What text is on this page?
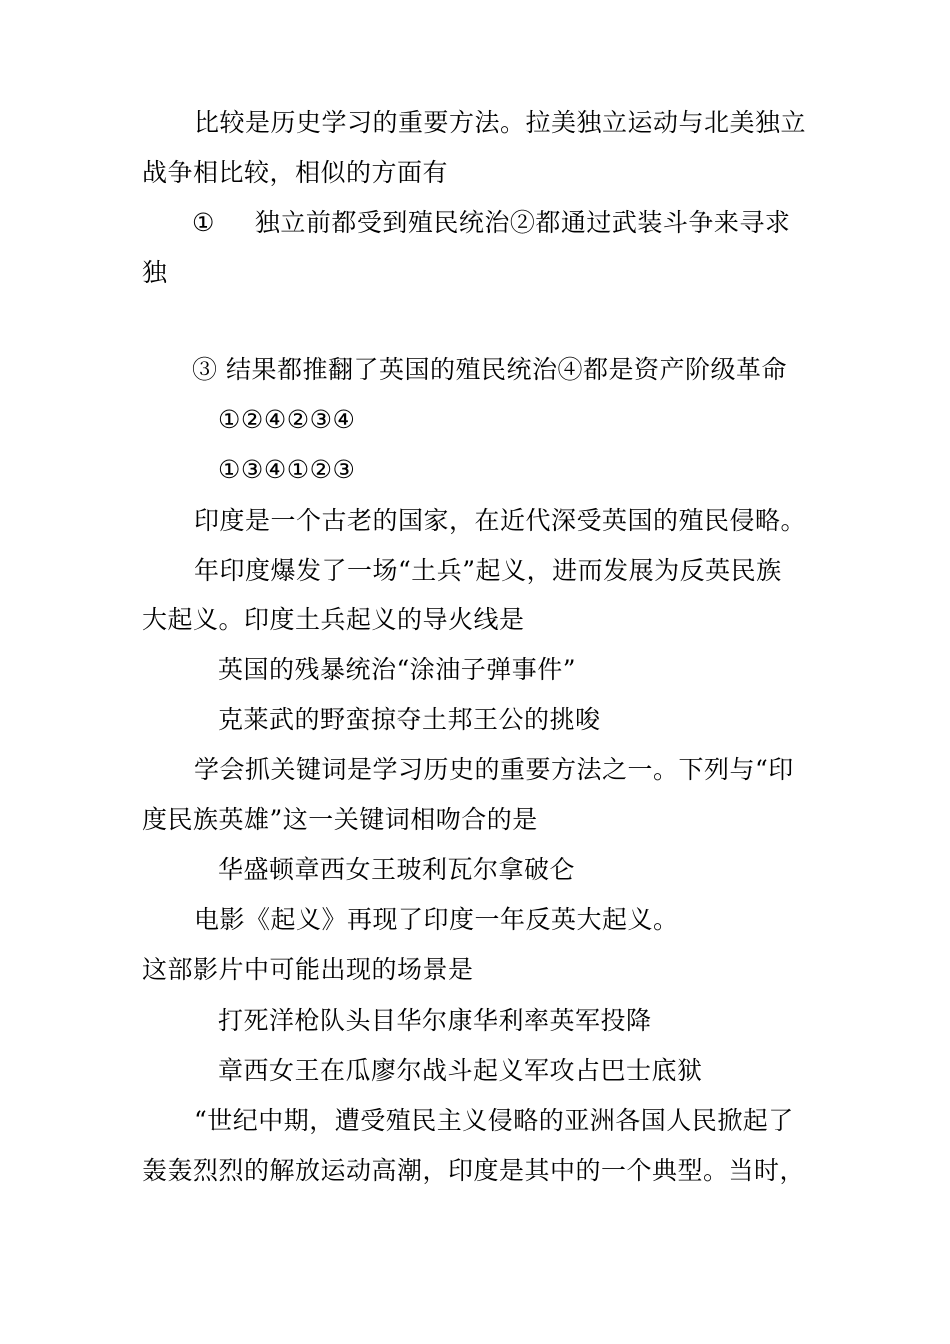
比较是历史学习的重要方法。拉美独立运动与北美独立
战争相比较，相似的方面有
① 独立前都受到殖民统治②都通过武装斗争来寻求
独
③ 结果都推翻了英国的殖民统治④都是资产阶级革命
①②④②③④
①③④①②③
印度是一个古老的国家，在近代深受英国的殖民侵略。
年印度爆发了一场“土兵”起义，进而发展为反英民族
大起义。印度土兵起义的导火线是
英国的残暴统治“涂油子弹事件”
克莱武的野蛮掠夺土邦王公的挑唆
学会抓关键词是学习历史的重要方法之一。下列与“印
度民族英雄”这一关键词相吻合的是
华盛顿章西女王玻利瓦尔拿破仑
电影《起义》再现了印度一年反英大起义。
这部影片中可能出现的场景是
打死洋枪队头目华尔康华利率英军投降
章西女王在瓜廖尔战斗起义军攻占巴士底狱
“世纪中期，遭受殖民主义侵略的亚洲各国人民掀起了
轰轰烈烈的解放运动高潮，印度是其中的一个典型。当时，
